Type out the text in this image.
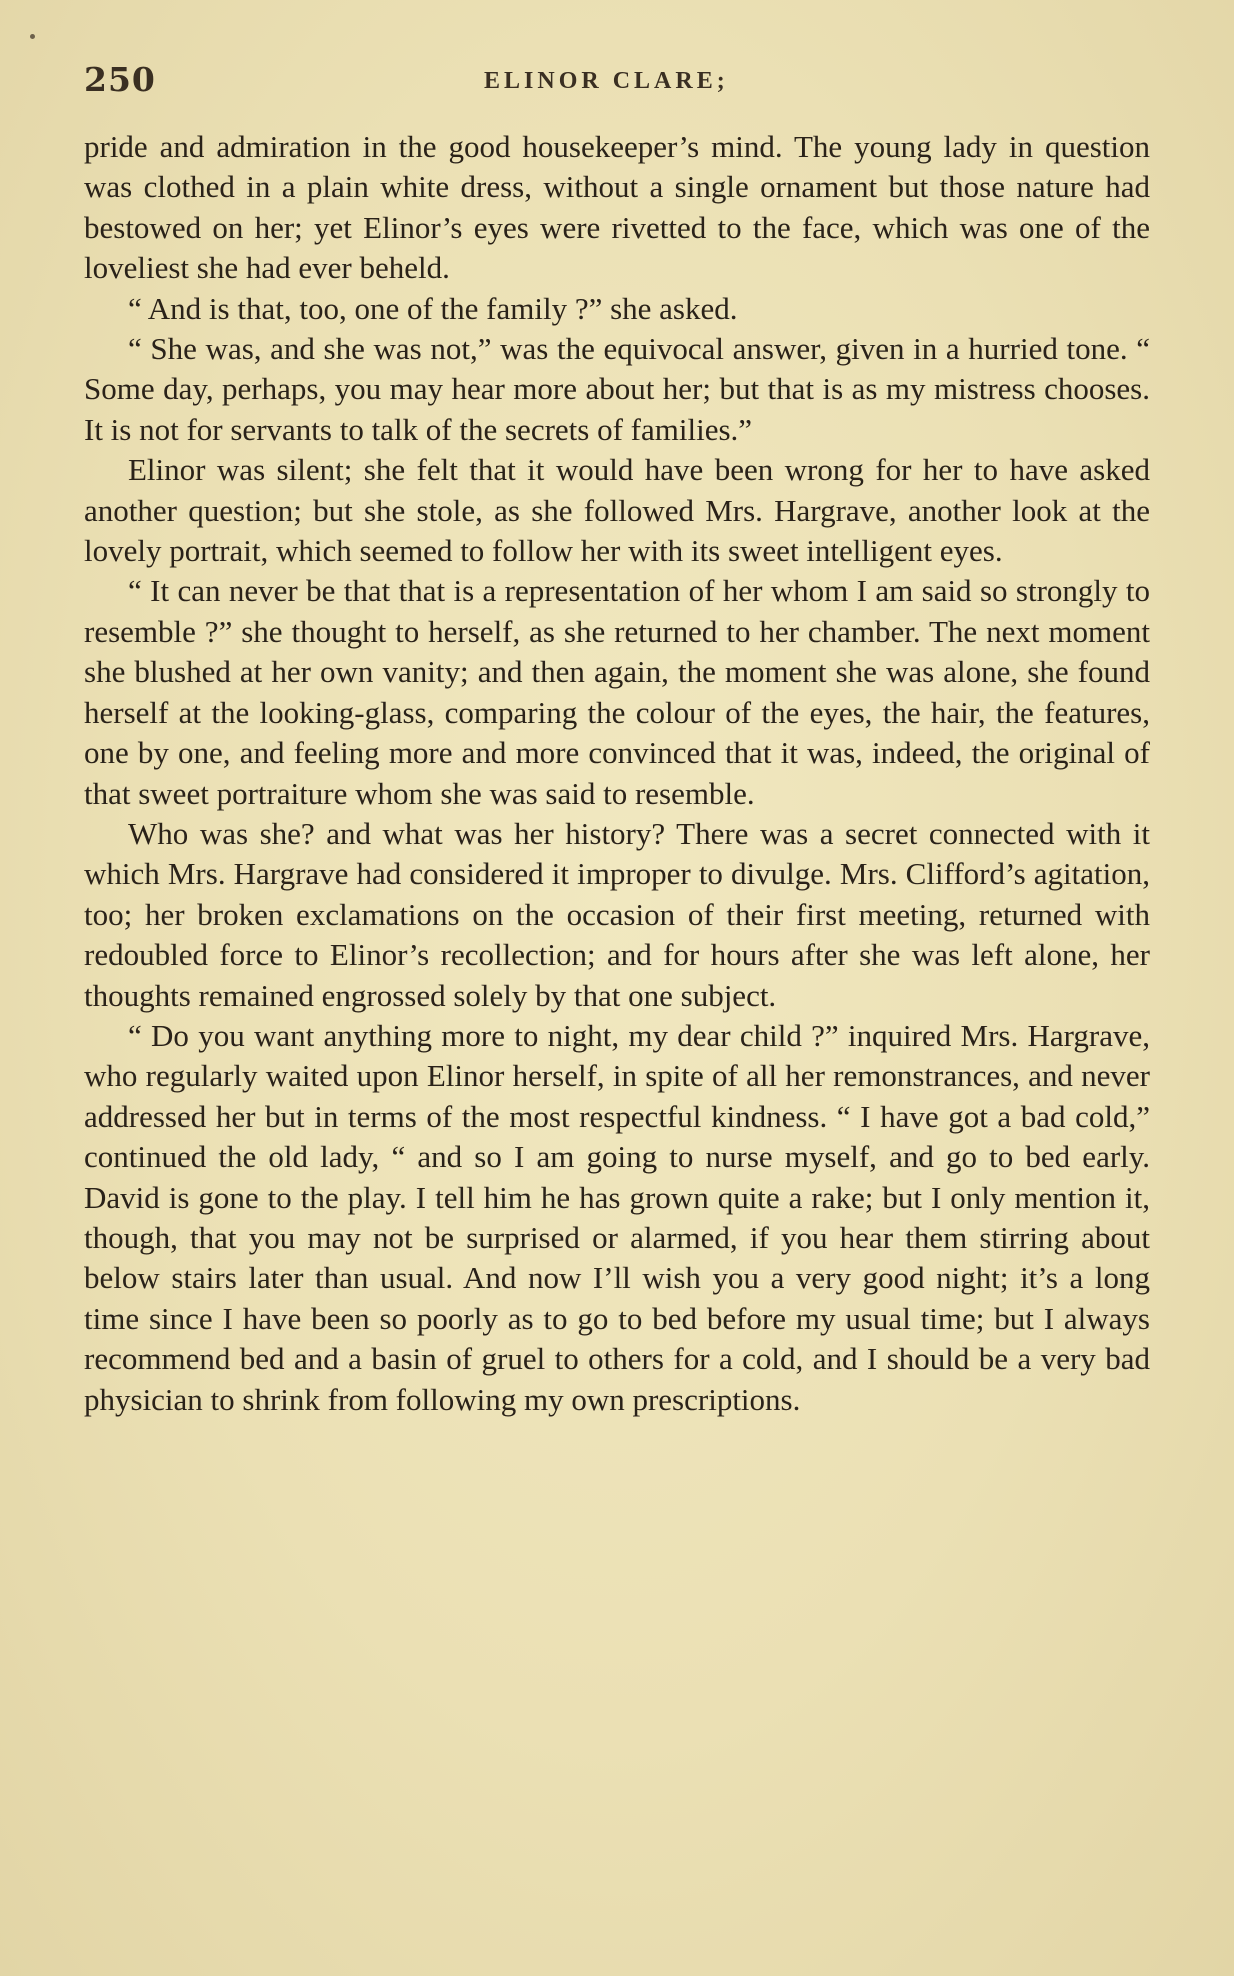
250	ELINOR CLARE;

pride and admiration in the good housekeeper’s mind. The young lady in question was clothed in a plain white dress, without a single ornament but those nature had bestowed on her; yet Elinor’s eyes were rivetted to the face, which was one of the loveliest she had ever beheld.

“ And is that, too, one of the family ?” she asked.

“ She was, and she was not,” was the equivocal answer, given in a hurried tone. “ Some day, perhaps, you may hear more about her; but that is as my mistress chooses. It is not for servants to talk of the secrets of families.”

Elinor was silent; she felt that it would have been wrong for her to have asked another question; but she stole, as she followed Mrs. Hargrave, another look at the lovely portrait, which seemed to follow her with its sweet intelligent eyes.

“ It can never be that that is a representation of her whom I am said so strongly to resemble ?” she thought to herself, as she returned to her chamber. The next moment she blushed at her own vanity; and then again, the moment she was alone, she found herself at the looking-glass, comparing the colour of the eyes, the hair, the features, one by one, and feeling more and more convinced that it was, indeed, the original of that sweet portraiture whom she was said to resemble.

Who was she? and what was her history? There was a secret connected with it which Mrs. Hargrave had considered it improper to divulge. Mrs. Clifford’s agitation, too; her broken exclamations on the occasion of their first meeting, returned with redoubled force to Elinor’s recollection; and for hours after she was left alone, her thoughts remained engrossed solely by that one subject.

“ Do you want anything more to night, my dear child ?” inquired Mrs. Hargrave, who regularly waited upon Elinor herself, in spite of all her remonstrances, and never addressed her but in terms of the most respectful kindness. “ I have got a bad cold,” continued the old lady, “ and so I am going to nurse myself, and go to bed early. David is gone to the play. I tell him he has grown quite a rake; but I only mention it, though, that you may not be surprised or alarmed, if you hear them stirring about below stairs later than usual. And now I’ll wish you a very good night; it’s a long time since I have been so poorly as to go to bed before my usual time; but I always recommend bed and a basin of gruel to others for a cold, and I should be a very bad physician to shrink from following my own prescriptions.
